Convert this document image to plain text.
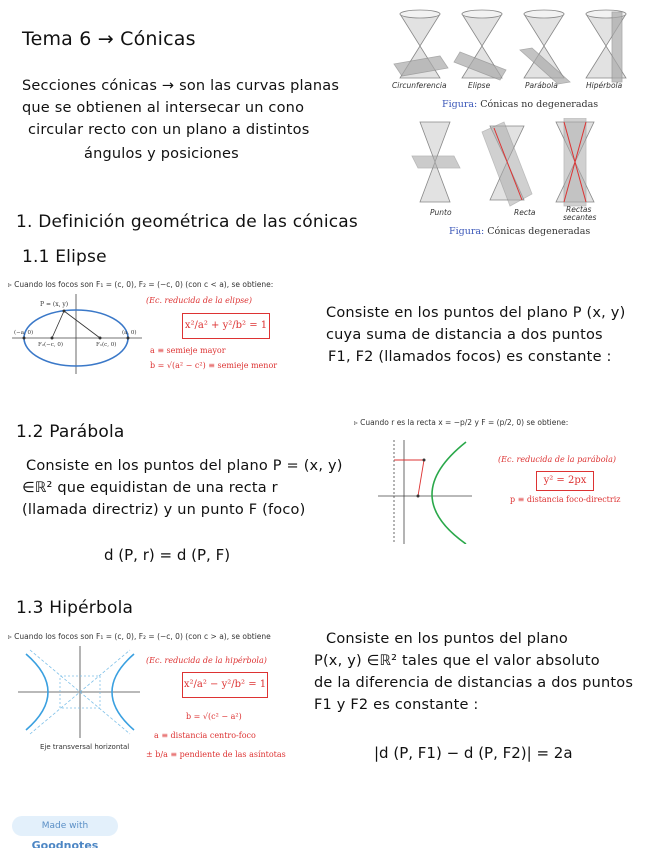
Tema 6 → Cónicas
Secciones cónicas → son las curvas planas
que se obtienen al intersecar un cono
circular recto con un plano a distintos
ángulos y posiciones
Circunferencia	Elipse	Parábola	Hipérbola
Figura: Cónicas no degeneradas
Punto	Recta	Rectas
secantes
Figura: Cónicas degeneradas
1. Definición geométrica de las cónicas
1.1 Elipse
▹ Cuando los focos son F₁ = (c, 0), F₂ = (−c, 0) (con c < a), se obtiene:
P = (x, y)
(−a, 0)
F₂(−c, 0)	F₁(c, 0)
(a, 0)
(Ec. reducida de la elipse)
x²/a² + y²/b² = 1
a ≡ semieje mayor
b = √(a² − c²) ≡ semieje menor
Consiste en los puntos del plano P (x, y)
cuya suma de distancia a dos puntos
F1, F2 (llamados focos) es constante :
1.2 Parábola
Consiste en los puntos del plano P = (x, y)
∈ℝ² que equidistan de una recta r
(llamada directriz) y un punto F (foco)
d (P, r) = d (P, F)
▹ Cuando r es la recta x = −p/2 y F = (p/2, 0) se obtiene:
(Ec. reducida de la parábola)
y² = 2px
p ≡ distancia foco-directriz
1.3 Hipérbola
▹ Cuando los focos son F₁ = (c, 0), F₂ = (−c, 0) (con c > a), se obtiene
Eje transversal horizontal
(Ec. reducida de la hipérbola)
x²/a² − y²/b² = 1
b = √(c² − a²)
a ≡ distancia centro-foco
± b/a ≡ pendiente de las asíntotas
Consiste en los puntos del plano
P(x, y) ∈ℝ² tales que el valor absoluto
de la diferencia de distancias a dos puntos
F1 y F2 es constante :
|d (P, F1) − d (P, F2)| = 2a
Made with Goodnotes
